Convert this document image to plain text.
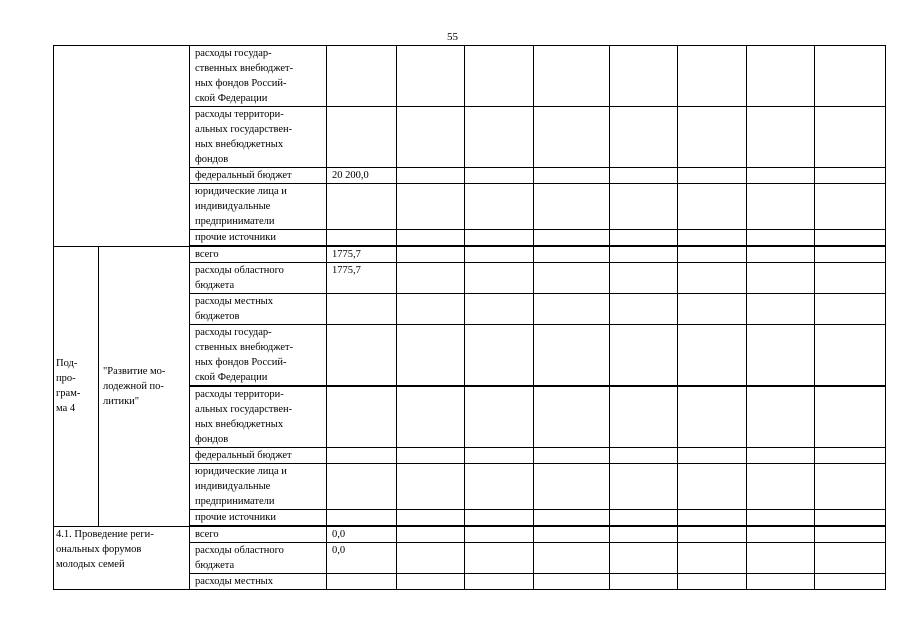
55
		расходы государ-
ственных внебюджет-
ных фондов Россий-
ской Федерации								
		расходы территори-
альных государствен-
ных внебюджетных
фондов								
		федеральный бюджет	20 200,0							
		юридические лица и
индивидуальные
предприниматели								
		прочие источники								
Под-
про-
грам-
ма 4	"Развитие мо-
лодежной по-
литики"	всего	1775,7							
		расходы областного
бюджета	1775,7							
		расходы местных
бюджетов								
		расходы государ-
ственных внебюджет-
ных фондов Россий-
ской Федерации								
		расходы территори-
альных государствен-
ных внебюджетных
фондов								
		федеральный бюджет								
		юридические лица и
индивидуальные
предприниматели								
		прочие источники								
4.1. Проведение реги-
ональных форумов
молодых семей		всего	0,0							
		расходы областного
бюджета	0,0							
		расходы местных								
